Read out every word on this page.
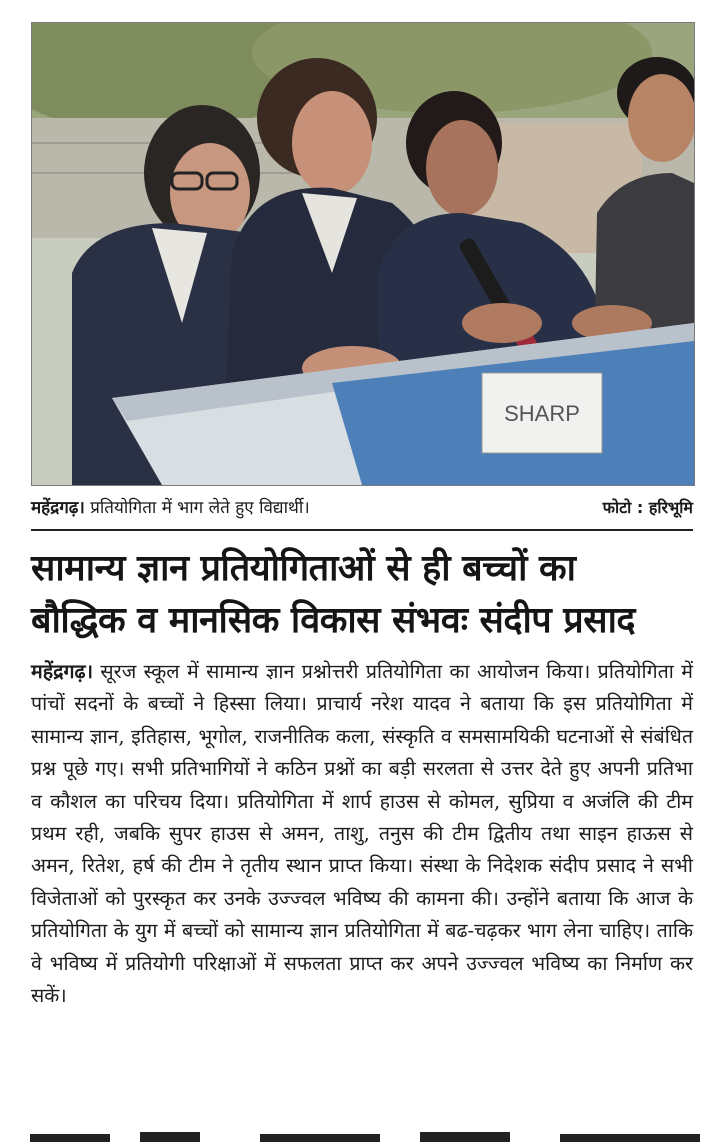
SHARP
महेंद्रगढ़। प्रतियोगिता में भाग लेते हुए विद्यार्थी।	फोटो : हरिभूमि
सामान्य ज्ञान प्रतियोगिताओं से ही बच्चों का
बौद्धिक व मानसिक विकास संभवः संदीप प्रसाद
महेंद्रगढ़। सूरज स्कूल में सामान्य ज्ञान प्रश्नोत्तरी प्रतियोगिता का आयोजन किया। प्रतियोगिता में पांचों सदनों के बच्चों ने हिस्सा लिया। प्राचार्य नरेश यादव ने बताया कि इस प्रतियोगिता में सामान्य ज्ञान, इतिहास, भूगोल, राजनीतिक कला, संस्कृति व समसामयिकी घटनाओं से संबंधित प्रश्न पूछे गए। सभी प्रतिभागियों ने कठिन प्रश्नों का बड़ी सरलता से उत्तर देते हुए अपनी प्रतिभा व कौशल का परिचय दिया। प्रतियोगिता में शार्प हाउस से कोमल, सुप्रिया व अजंलि की टीम प्रथम रही, जबकि सुपर हाउस से अमन, ताशु, तनुस की टीम द्वितीय तथा साइन हाऊस से अमन, रितेश, हर्ष की टीम ने तृतीय स्थान प्राप्त किया। संस्था के निदेशक संदीप प्रसाद ने सभी विजेताओं को पुरस्कृत कर उनके उज्ज्वल भविष्य की कामना की। उन्होंने बताया कि आज के प्रतियोगिता के युग में बच्चों को सामान्य ज्ञान प्रतियोगिता में बढ-चढ़कर भाग लेना चाहिए। ताकि वे भविष्य में प्रतियोगी परिक्षाओं में सफलता प्राप्त कर अपने उज्ज्वल भविष्य का निर्माण कर सकें।
